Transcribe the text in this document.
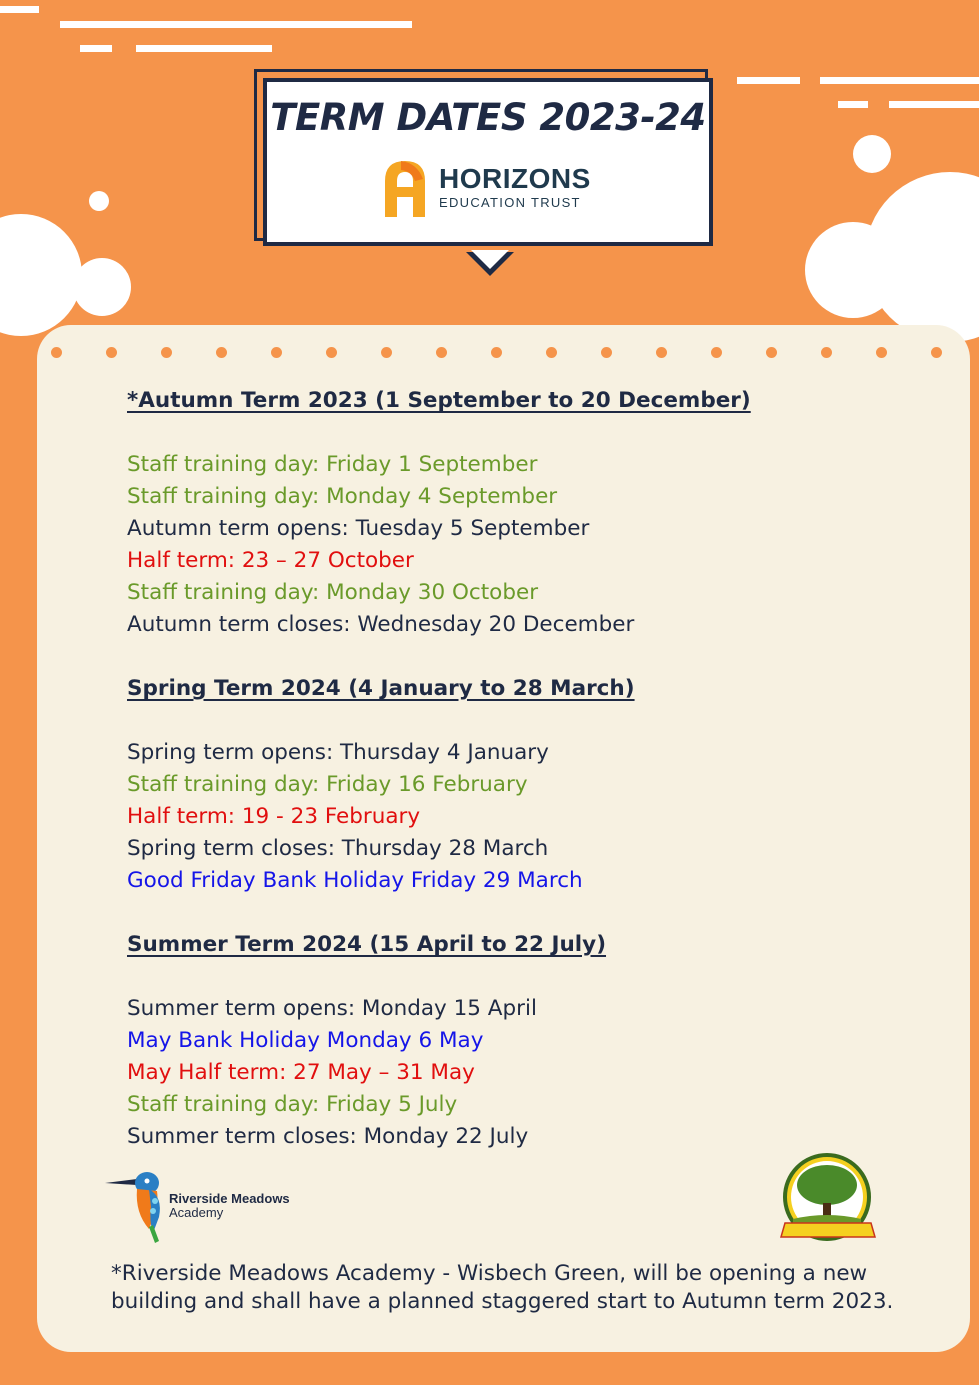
TERM DATES 2023-24
HORIZONS
EDUCATION TRUST

*Autumn Term 2023 (1 September to 20 December)

Staff training day: Friday 1 September

Staff training day: Monday 4 September

Autumn term opens: Tuesday 5 September

Half term: 23 – 27 October

Staff training day: Monday 30 October

Autumn term closes: Wednesday 20 December

Spring Term 2024 (4 January to 28 March)

Spring term opens: Thursday 4 January

Staff training day: Friday 16 February

Half term: 19 - 23 February

Spring term closes: Thursday 28 March

Good Friday Bank Holiday Friday 29 March

Summer Term 2024 (15 April to 22 July)

Summer term opens: Monday 15 April

May Bank Holiday Monday 6 May

May Half term: 27 May – 31 May

Staff training day: Friday 5 July

Summer term closes: Monday 22 July

Riverside Meadows
Academy
*Riverside Meadows Academy - Wisbech Green, will be opening a new building and shall have a planned staggered start to Autumn term 2023.
